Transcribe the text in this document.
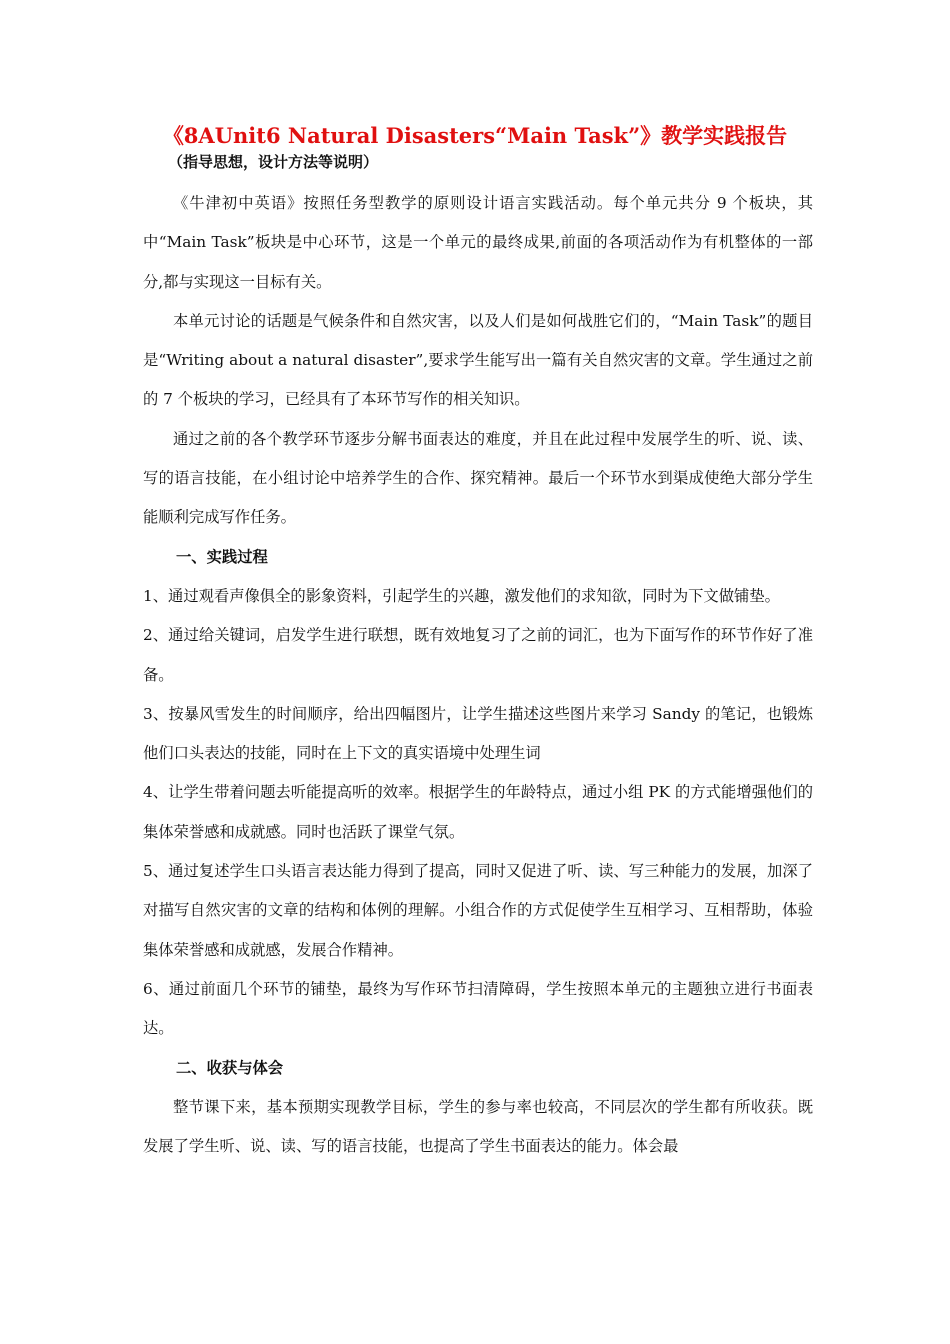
《8AUnit6 Natural Disasters“Main Task”》教学实践报告
（指导思想，设计方法等说明）

《牛津初中英语》按照任务型教学的原则设计语言实践活动。每个单元共分 9 个板块，其中“Main Task”板块是中心环节，这是一个单元的最终成果,前面的各项活动作为有机整体的一部分,都与实现这一目标有关。

本单元讨论的话题是气候条件和自然灾害，以及人们是如何战胜它们的，“Main Task”的题目是“Writing about a natural disaster”,要求学生能写出一篇有关自然灾害的文章。学生通过之前的 7 个板块的学习，已经具有了本环节写作的相关知识。

通过之前的各个教学环节逐步分解书面表达的难度，并且在此过程中发展学生的听、说、读、写的语言技能，在小组讨论中培养学生的合作、探究精神。最后一个环节水到渠成使绝大部分学生能顺利完成写作任务。

一、实践过程

1、通过观看声像俱全的影象资料，引起学生的兴趣，激发他们的求知欲，同时为下文做铺垫。

2、通过给关键词，启发学生进行联想，既有效地复习了之前的词汇，也为下面写作的环节作好了准备。

3、按暴风雪发生的时间顺序，给出四幅图片，让学生描述这些图片来学习 Sandy 的笔记，也锻炼他们口头表达的技能，同时在上下文的真实语境中处理生词

4、让学生带着问题去听能提高听的效率。根据学生的年龄特点，通过小组 PK 的方式能增强他们的集体荣誉感和成就感。同时也活跃了课堂气氛。

5、通过复述学生口头语言表达能力得到了提高，同时又促进了听、读、写三种能力的发展，加深了对描写自然灾害的文章的结构和体例的理解。小组合作的方式促使学生互相学习、互相帮助，体验集体荣誉感和成就感，发展合作精神。

6、通过前面几个环节的铺垫，最终为写作环节扫清障碍，学生按照本单元的主题独立进行书面表达。

二、收获与体会

整节课下来，基本预期实现教学目标，学生的参与率也较高，不同层次的学生都有所收获。既发展了学生听、说、读、写的语言技能，也提高了学生书面表达的能力。体会最
